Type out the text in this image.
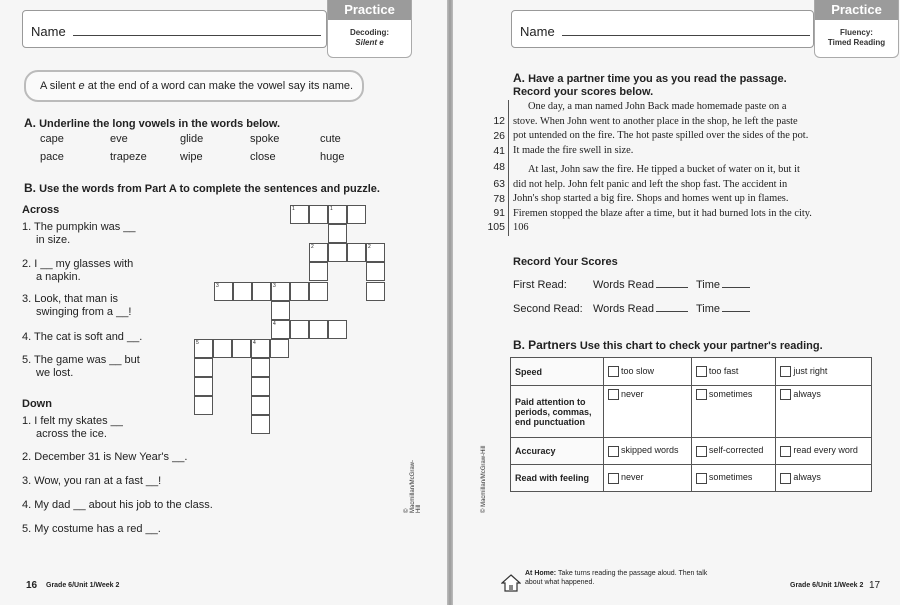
Name
Practice
Decoding:
Silent e
A silent e at the end of a word can make the vowel say its name.
A. Underline the long vowels in the words below.
cape	eve	glide	spoke	cute
pace	trapeze	wipe	close	huge
B. Use the words from Part A to complete the sentences and puzzle.
Across
1. The pumpkin was __
in size.
2. I __ my glasses with
a napkin.
3. Look, that man is
swinging from a __!
4. The cat is soft and __.
5. The game was __ but
we lost.
Down
1. I felt my skates __
across the ice.
2. December 31 is New Year's __.
3. Wow, you ran at a fast __!
4. My dad __ about his job to the class.
5. My costume has a red __.
1	1
2	2
3	3
4
5	4
© Macmillan/McGraw-Hill
16 Grade 6/Unit 1/Week 2
Name
Practice
Fluency:
Timed Reading
A. Have a partner time you as you read the passage.
Record your scores below.
12
26
41
48
63
78
91
105

One day, a man named John Back made homemade paste on a stove. When John went to another place in the shop, he left the paste pot untended on the fire. The hot paste spilled over the sides of the pot. It made the fire swell in size.

At last, John saw the fire. He tipped a bucket of water on it, but it did not help. John felt panic and left the shop fast. The accident in John's shop started a big fire. Shops and homes went up in flames. Firemen stopped the blaze after a time, but it had burned lots in the city. 106

Record Your Scores
First Read: Words Read	Time
Second Read: Words Read	Time
B. Partners Use this chart to check your partner's reading.
Speed	too slow	too fast	just right
Paid attention to periods, commas, end punctuation	never	sometimes	always
Accuracy	skipped words	self-corrected	read every word
Read with feeling	never	sometimes	always
© Macmillan/McGraw-Hill
At Home: Take turns reading the passage aloud. Then talk about what happened.	Grade 6/Unit 1/Week 2 17
